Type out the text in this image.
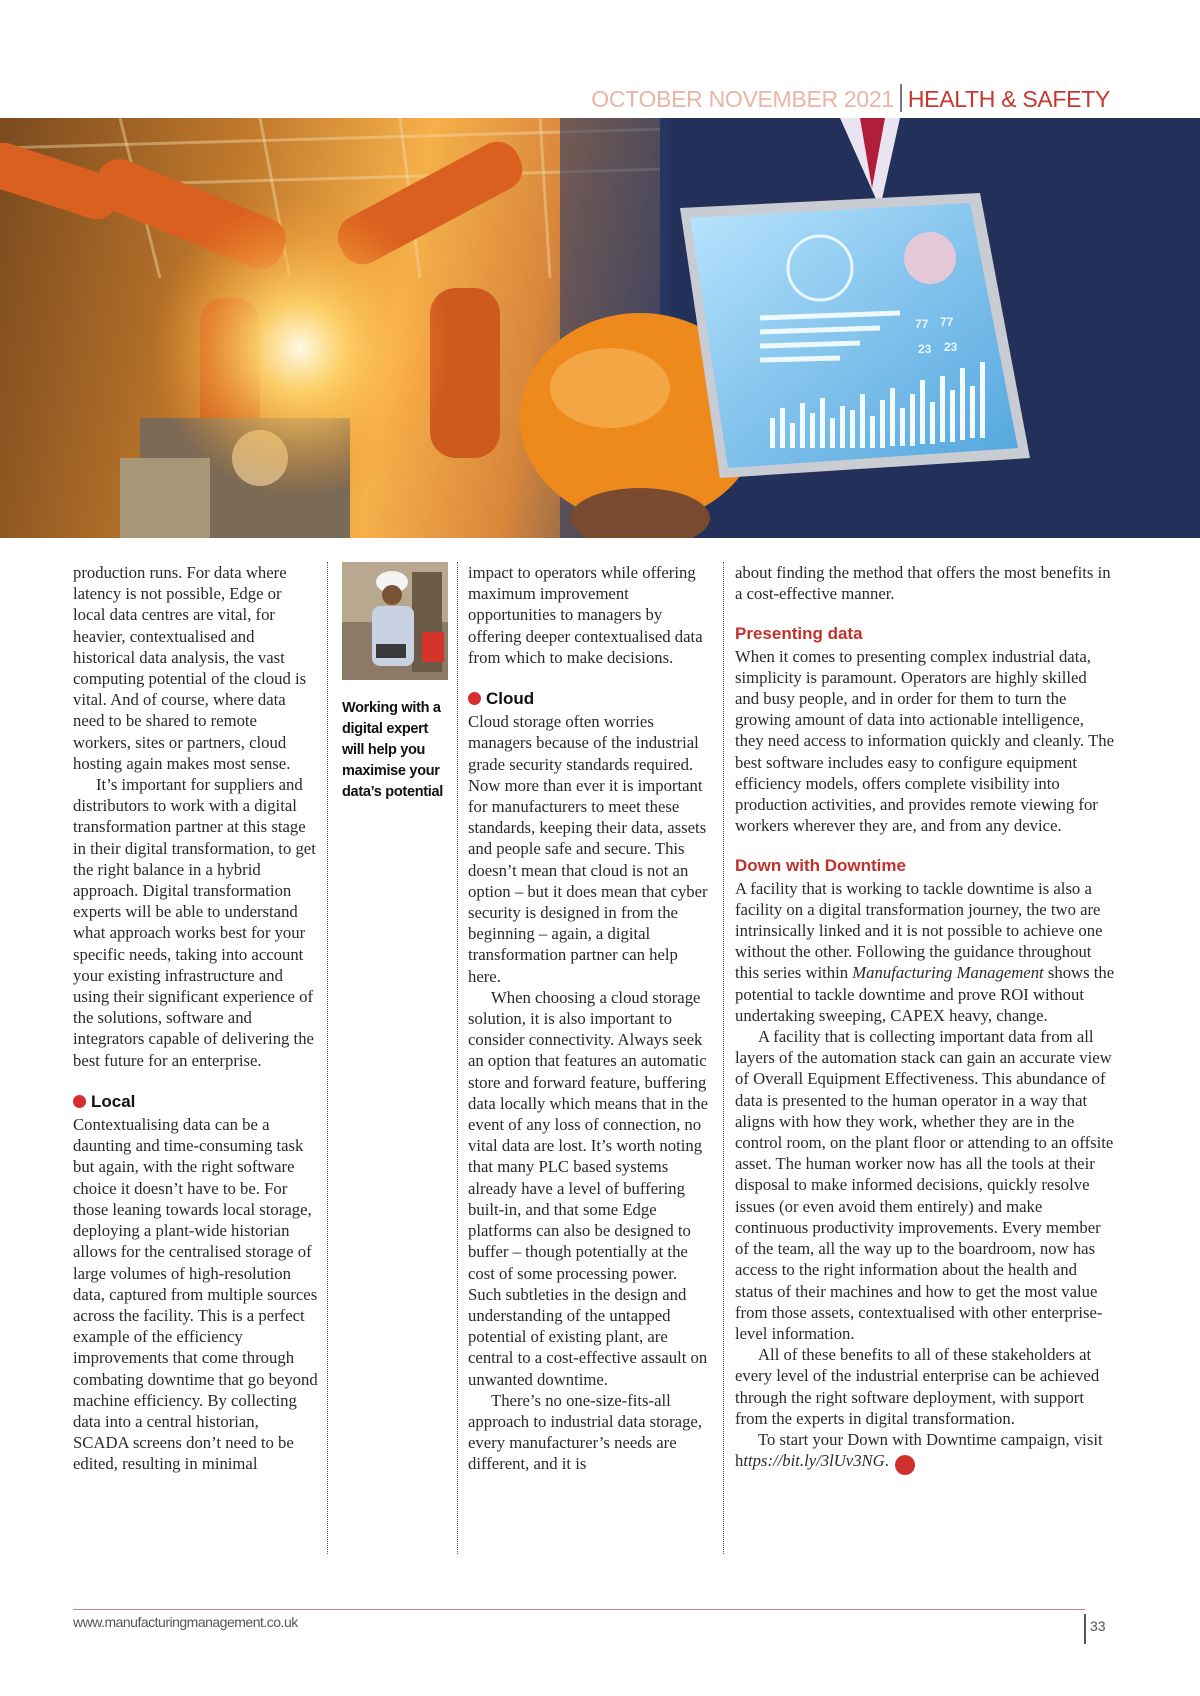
OCTOBER NOVEMBER 2021 HEALTH & SAFETY
77 77
23 23

production runs. For data where latency is not possible, Edge or local data centres are vital, for heavier, contextualised and historical data analysis, the vast computing potential of the cloud is vital. And of course, where data need to be shared to remote workers, sites or partners, cloud hosting again makes most sense.

It’s important for suppliers and distributors to work with a digital transformation partner at this stage in their digital transformation, to get the right balance in a hybrid approach. Digital transformation experts will be able to understand what approach works best for your specific needs, taking into account your existing infrastructure and using their significant experience of the solutions, software and integrators capable of delivering the best future for an enterprise.

Local

Contextualising data can be a daunting and time-consuming task but again, with the right software choice it doesn’t have to be. For those leaning towards local storage, deploying a plant-wide historian allows for the centralised storage of large volumes of high-resolution data, captured from multiple sources across the facility. This is a perfect example of the efficiency improvements that come through combating downtime that go beyond machine efficiency. By collecting data into a central historian, SCADA screens don’t need to be edited, resulting in minimal

Working with a digital expert will help you maximise your data’s potential

impact to operators while offering maximum improvement opportunities to managers by offering deeper contextualised data from which to make decisions.

Cloud

Cloud storage often worries managers because of the industrial grade security standards required. Now more than ever it is important for manufacturers to meet these standards, keeping their data, assets and people safe and secure. This doesn’t mean that cloud is not an option – but it does mean that cyber security is designed in from the beginning – again, a digital transformation partner can help here.

When choosing a cloud storage solution, it is also important to consider connectivity. Always seek an option that features an automatic store and forward feature, buffering data locally which means that in the event of any loss of connection, no vital data are lost. It’s worth noting that many PLC based systems already have a level of buffering built-in, and that some Edge platforms can also be designed to buffer – though potentially at the cost of some processing power. Such subtleties in the design and understanding of the untapped potential of existing plant, are central to a cost-effective assault on unwanted downtime.

There’s no one-size-fits-all approach to industrial data storage, every manufacturer’s needs are different, and it is

about finding the method that offers the most benefits in a cost-effective manner.

Presenting data

When it comes to presenting complex industrial data, simplicity is paramount. Operators are highly skilled and busy people, and in order for them to turn the growing amount of data into actionable intelligence, they need access to information quickly and cleanly. The best software includes easy to configure equipment efficiency models, offers complete visibility into production activities, and provides remote viewing for workers wherever they are, and from any device.

Down with Downtime

A facility that is working to tackle downtime is also a facility on a digital transformation journey, the two are intrinsically linked and it is not possible to achieve one without the other. Following the guidance throughout this series within Manufacturing Management shows the potential to tackle downtime and prove ROI without undertaking sweeping, CAPEX heavy, change.

A facility that is collecting important data from all layers of the automation stack can gain an accurate view of Overall Equipment Effectiveness. This abundance of data is presented to the human operator in a way that aligns with how they work, whether they are in the control room, on the plant floor or attending to an offsite asset. The human worker now has all the tools at their disposal to make informed decisions, quickly resolve issues (or even avoid them entirely) and make continuous productivity improvements. Every member of the team, all the way up to the boardroom, now has access to the right information about the health and status of their machines and how to get the most value from those assets, contextualised with other enterprise-level information.

All of these benefits to all of these stakeholders at every level of the industrial enterprise can be achieved through the right software deployment, with support from the experts in digital transformation.

To start your Down with Downtime campaign, visit https://bit.ly/3lUv3NG. M

www.manufacturingmanagement.co.uk	33
